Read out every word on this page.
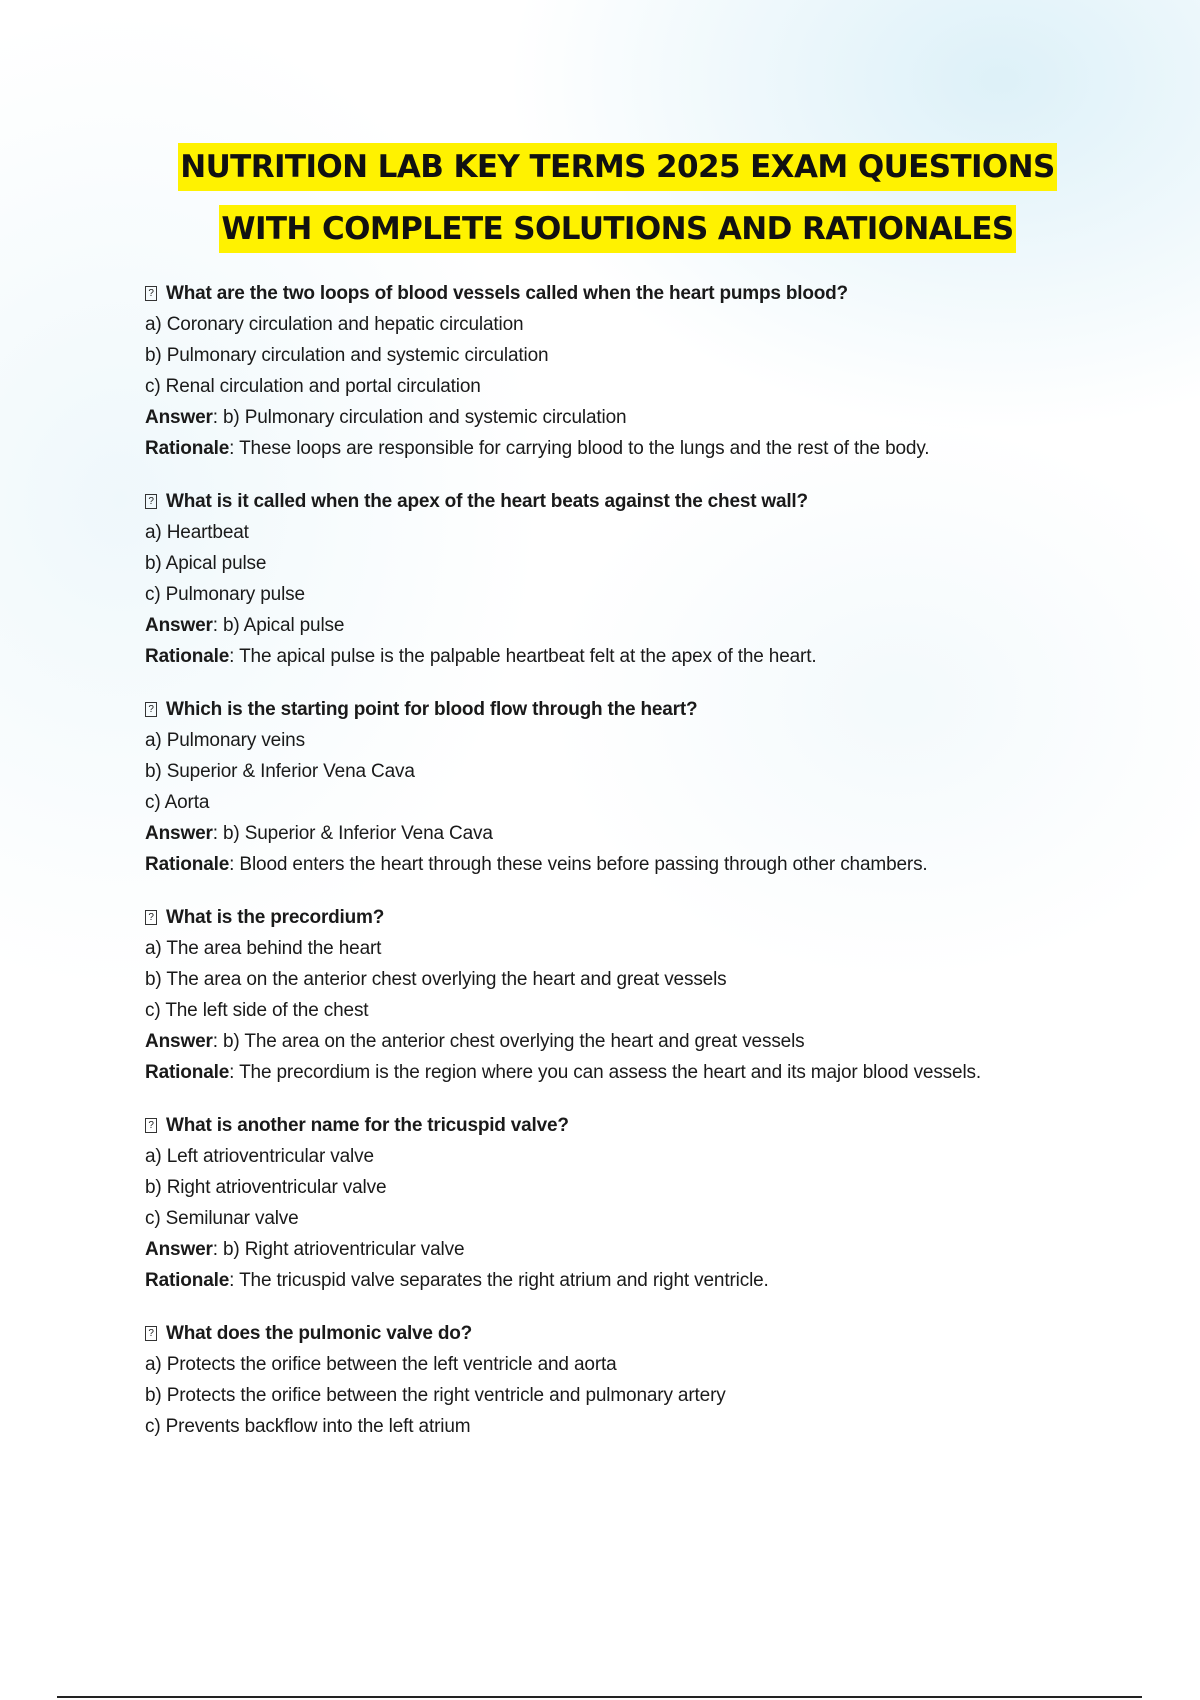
NUTRITION LAB KEY TERMS 2025 EXAM QUESTIONS
WITH COMPLETE SOLUTIONS AND RATIONALES
? What are the two loops of blood vessels called when the heart pumps blood?
a) Coronary circulation and hepatic circulation
b) Pulmonary circulation and systemic circulation
c) Renal circulation and portal circulation
Answer: b) Pulmonary circulation and systemic circulation
Rationale: These loops are responsible for carrying blood to the lungs and the rest of the body.
? What is it called when the apex of the heart beats against the chest wall?
a) Heartbeat
b) Apical pulse
c) Pulmonary pulse
Answer: b) Apical pulse
Rationale: The apical pulse is the palpable heartbeat felt at the apex of the heart.
? Which is the starting point for blood flow through the heart?
a) Pulmonary veins
b) Superior & Inferior Vena Cava
c) Aorta
Answer: b) Superior & Inferior Vena Cava
Rationale: Blood enters the heart through these veins before passing through other chambers.
? What is the precordium?
a) The area behind the heart
b) The area on the anterior chest overlying the heart and great vessels
c) The left side of the chest
Answer: b) The area on the anterior chest overlying the heart and great vessels
Rationale: The precordium is the region where you can assess the heart and its major blood vessels.
? What is another name for the tricuspid valve?
a) Left atrioventricular valve
b) Right atrioventricular valve
c) Semilunar valve
Answer: b) Right atrioventricular valve
Rationale: The tricuspid valve separates the right atrium and right ventricle.
? What does the pulmonic valve do?
a) Protects the orifice between the left ventricle and aorta
b) Protects the orifice between the right ventricle and pulmonary artery
c) Prevents backflow into the left atrium
